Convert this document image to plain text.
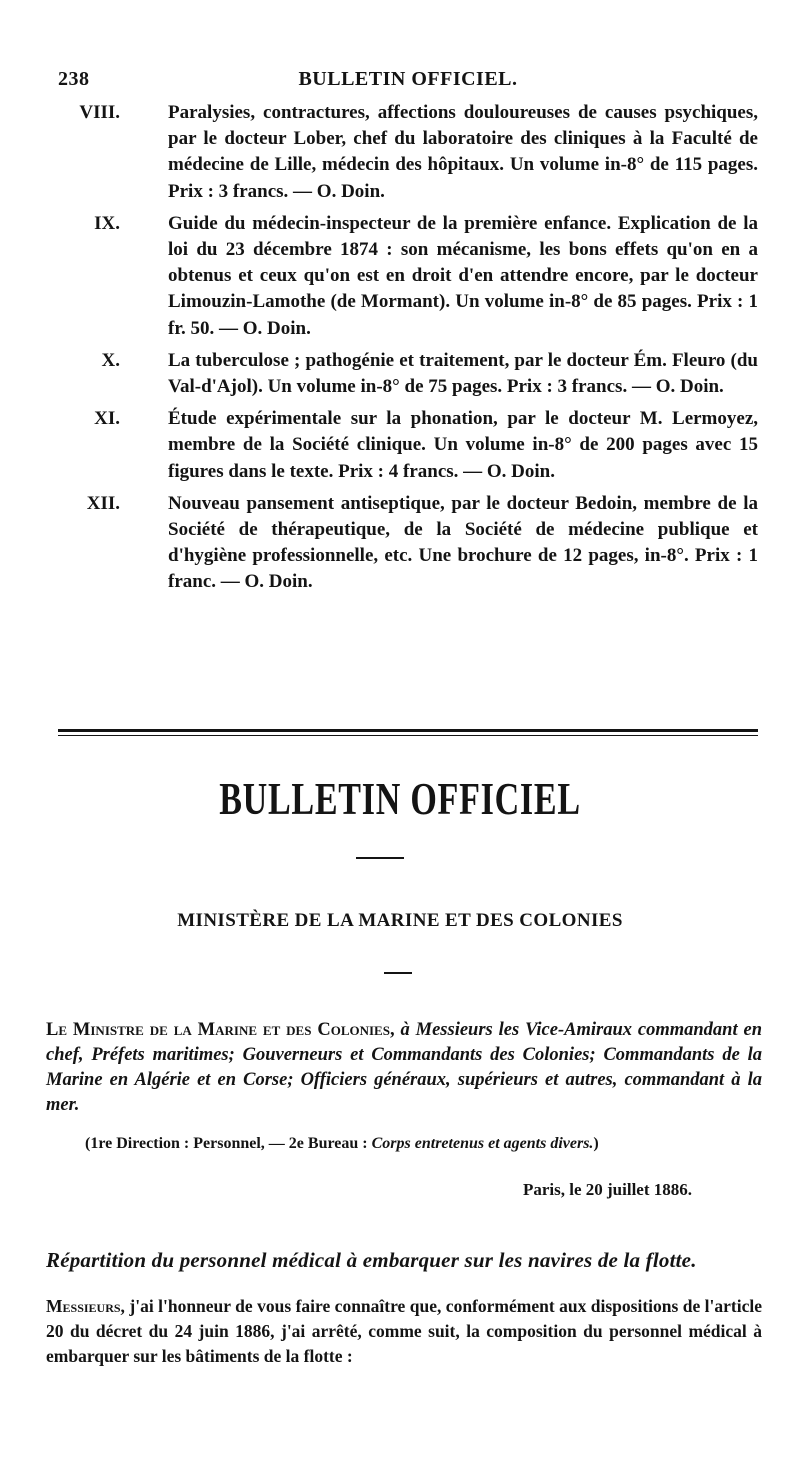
238	BULLETIN OFFICIEL.
VIII.	Paralysies, contractures, affections douloureuses de causes psychiques, par le docteur Lober, chef du laboratoire des cliniques à la Faculté de médecine de Lille, médecin des hôpitaux. Un volume in-8° de 115 pages. Prix : 3 francs. — O. Doin.
IX.	Guide du médecin-inspecteur de la première enfance. Explication de la loi du 23 décembre 1874 : son mécanisme, les bons effets qu'on en a obtenus et ceux qu'on est en droit d'en attendre encore, par le docteur Limouzin-Lamothe (de Mormant). Un volume in-8° de 85 pages. Prix : 1 fr. 50. — O. Doin.
X.	La tuberculose ; pathogénie et traitement, par le docteur Ém. Fleuro (du Val-d'Ajol). Un volume in-8° de 75 pages. Prix : 3 francs. — O. Doin.
XI.	Étude expérimentale sur la phonation, par le docteur M. Lermoyez, membre de la Société clinique. Un volume in-8° de 200 pages avec 15 figures dans le texte. Prix : 4 francs. — O. Doin.
XII.	Nouveau pansement antiseptique, par le docteur Bedoin, membre de la Société de thérapeutique, de la Société de médecine publique et d'hygiène professionnelle, etc. Une brochure de 12 pages, in-8°. Prix : 1 franc. — O. Doin.
BULLETIN OFFICIEL
MINISTÈRE DE LA MARINE ET DES COLONIES
Le Ministre de la Marine et des Colonies, à Messieurs les Vice-Amiraux commandant en chef, Préfets maritimes; Gouverneurs et Commandants des Colonies; Commandants de la Marine en Algérie et en Corse; Officiers généraux, supérieurs et autres, commandant à la mer.
(1re Direction : Personnel, — 2e Bureau : Corps entretenus et agents divers.)
Paris, le 20 juillet 1886.
Répartition du personnel médical à embarquer sur les navires de la flotte.
Messieurs, j'ai l'honneur de vous faire connaître que, conformément aux dispositions de l'article 20 du décret du 24 juin 1886, j'ai arrêté, comme suit, la composition du personnel médical à embarquer sur les bâtiments de la flotte :
